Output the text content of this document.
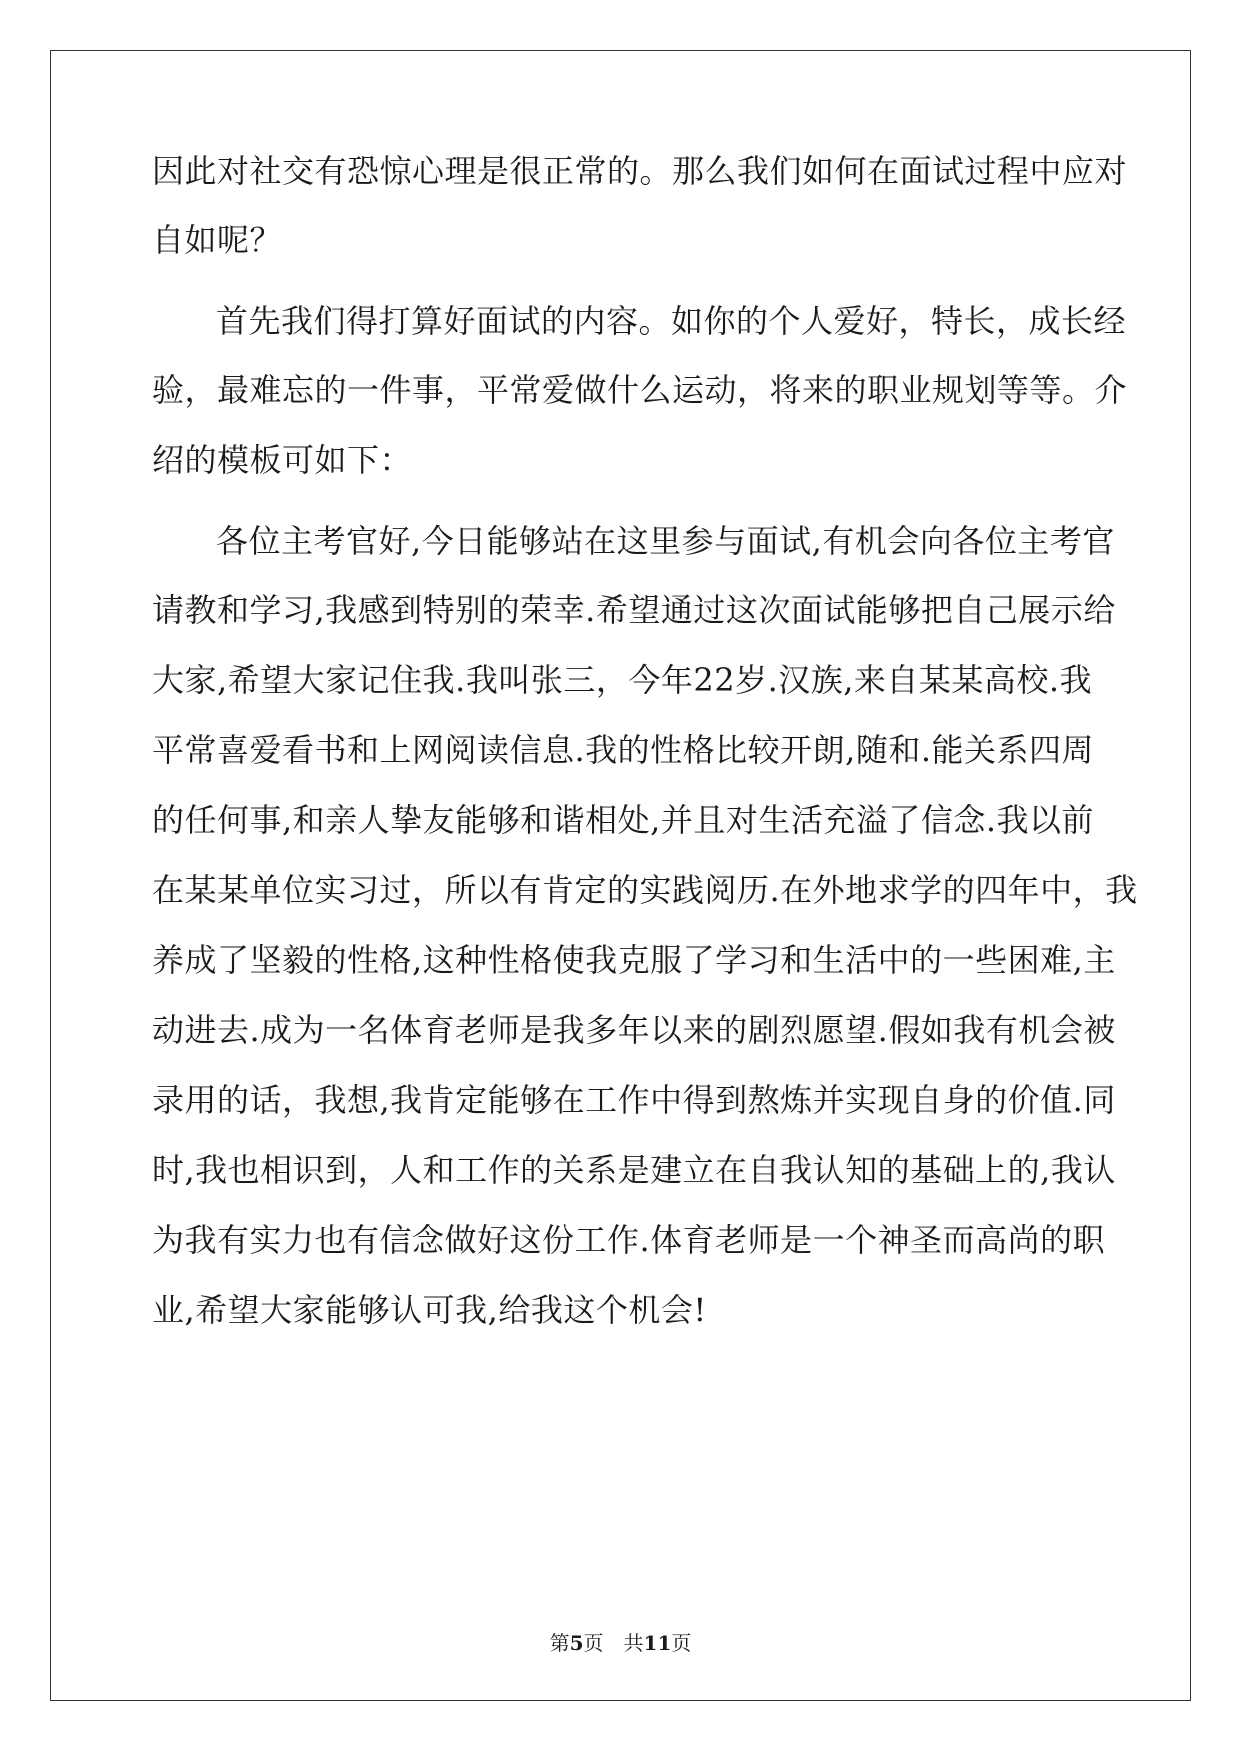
因此对社交有恐惊心理是很正常的。那么我们如何在面试过程中应对
自如呢？
首先我们得打算好面试的内容。如你的个人爱好，特长，成长经
验，最难忘的一件事，平常爱做什么运动，将来的职业规划等等。介
绍的模板可如下：
各位主考官好,今日能够站在这里参与面试,有机会向各位主考官
请教和学习,我感到特别的荣幸.希望通过这次面试能够把自己展示给
大家,希望大家记住我.我叫张三，今年22岁.汉族,来自某某高校.我
平常喜爱看书和上网阅读信息.我的性格比较开朗,随和.能关系四周
的任何事,和亲人挚友能够和谐相处,并且对生活充溢了信念.我以前
在某某单位实习过，所以有肯定的实践阅历.在外地求学的四年中，我
养成了坚毅的性格,这种性格使我克服了学习和生活中的一些困难,主
动进去.成为一名体育老师是我多年以来的剧烈愿望.假如我有机会被
录用的话，我想,我肯定能够在工作中得到熬炼并实现自身的价值.同
时,我也相识到，人和工作的关系是建立在自我认知的基础上的,我认
为我有实力也有信念做好这份工作.体育老师是一个神圣而高尚的职
业,希望大家能够认可我,给我这个机会!
第5页　共11页
